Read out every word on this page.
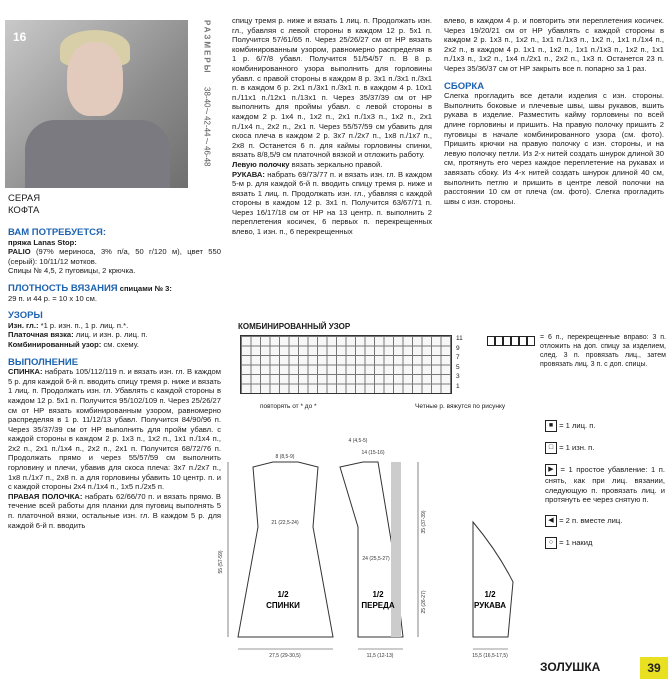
16	РАЗМЕРЫ
38-40
/
42-44
/
46-48
СЕРАЯ
КОФТА
ВАМ ПОТРЕБУЕТСЯ:

пряжа Lanas Stop:

PALIO (97% мериноса, 3% п/а, 50 г/120 м), цвет 550 (серый): 10/11/12 мотков.

Спицы № 4,5, 2 пуговицы, 2 крючка.

ПЛОТНОСТЬ ВЯЗАНИЯ спицами № 3:

29 п. и 44 р. = 10 x 10 см.

УЗОРЫ

Изн. гл.: *1 р. изн. п., 1 р. лиц. п.*.

Платочная вязка: лиц. и изн. р. лиц. п.

Комбинированный узор: см. схему.

ВЫПОЛНЕНИЕ

СПИНКА: набрать 105/112/119 п. и вязать изн. гл. В каждом 5 р. для каждой 6-й п. вводить спицу тремя р. ниже и вязать 1 лиц. п. Продолжать изн. гл. Убавлять с каждой стороны в каждом 12 р. 5x1 п. Получится 95/102/109 п. Через 25/26/27 см от НР вязать комбинированным узором, равномерно распределяя в 1 р. 11/12/13 убавл. Получится 84/90/96 п. Через 35/37/39 см от НР выполнить для пройм убавл. с каждой стороны в каждом 2 р. 1x3 п., 1x2 п., 1x1 п./1x4 п., 2x2 п., 2x1 п./1x4 п., 2x2 п., 2x1 п. Получится 68/72/76 п. Продолжать прямо и через 55/57/59 см выполнить горловину и плечи, убавив для скоса плеча: 3x7 п./2x7 п., 1x8 п./1x7 п., 2x8 п. а для горловины убавить 10 центр. п. и с каждой стороны 2x4 п./1x4 п., 1x5 п./2x5 п.

ПРАВАЯ ПОЛОЧКА: набрать 62/66/70 п. и вязать прямо. В течение всей работы для планки для пуговиц выполнять 5 п. платочной вязки, остальные изн. гл. В каждом 5 р. для каждой 6-й п. вводить

спицу тремя р. ниже и вязать 1 лиц. п. Продолжать изн. гл., убавляя с левой стороны в каждом 12 р. 5x1 п. Получится 57/61/65 п. Через 25/26/27 см от НР вязать комбинированным узором, равномерно распределяя в 1 р. 6/7/8 убавл. Получится 51/54/57 п. В 8 р. комбинированного узора выполнить для горловины убавл. с правой стороны в каждом 8 р. 3x1 п./3x1 п./3x1 п. в каждом 6 р. 2x1 п./3x1 п./3x1 п. в каждом 4 р. 10x1 п./11x1 п./12x1 п./13x1 п. Через 35/37/39 см от НР выполнить для проймы убавл. с левой стороны в каждом 2 р. 1x4 п., 1x2 п., 2x1 п./1x3 п., 1x2 п., 2x1 п./1x4 п., 2x2 п., 2x1 п. Через 55/57/59 см убавить для скоса плеча в каждом 2 р. 3x7 п./2x7 п., 1x8 п./1x7 п., 2x8 п. Останется 6 п. для каймы горловины спинки, вязать 8/8,5/9 см платочной вязкой и отложить работу.

Левую полочку вязать зеркально правой.

РУКАВА: набрать 69/73/77 п. и вязать изн. гл. В каждом 5-м р. для каждой 6-й п. вводить спицу тремя р. ниже и вязать 1 лиц. п. Продолжать изн. гл., убавляя с каждой стороны в каждом 12 р. 3x1 п. Получится 63/67/71 п. Через 16/17/18 см от НР на 13 центр. п. выполнить 2 переплетения косичек, 6 первых п. перекрещенных влево, 1 изн. п., 6 перекрещенных

влево, в каждом 4 р. и повторить эти переплетения косичек. Через 19/20/21 см от НР убавлять с каждой стороны в каждом 2 р. 1x3 п., 1x2 п., 1x1 п./1x3 п., 1x2 п., 1x1 п./1x4 п., 2x2 п., в каждом 4 р. 1x1 п., 1x2 п., 1x1 п./1x3 п., 1x2 п., 1x1 п./1x3 п., 1x2 п., 1x4 п./2x1 п., 2x2 п., 1x3 п. Останется 23 п. Через 35/36/37 см от НР закрыть все п. попарно за 1 раз.

СБОРКА

Слегка прогладить все детали изделия с изн. стороны. Выполнить боковые и плечевые швы, швы рукавов, вшить рукава в изделие. Разместить кайму горловины по всей длине горловины и пришить. На правую полочку пришить 2 пуговицы в начале комбинированного узора (см. фото). Пришить крючки на правую полочку с изн. стороны, и на левую полочку петли. Из 2-х нитей создать шнурок длиной 30 см, протянуть его через каждое переплетение на рукавах и завязать сбоку. Из 4-х нитей создать шнурок длиной 40 см, выполнить петлю и пришить в центре левой полочки на расстоянии 10 см от плеча (см. фото). Слегка прогладить швы с изн. стороны.

КОМБИНИРОВАННЫЙ УЗОР
11
9
7
5
3
1
повторять от * до *	Четные р. вяжутся по рисунку
= 6 п., перекрещенные вправо: 3 п. отложить на доп. спицу за изделием, след. 3 п. провязать лиц., затем провязать лиц. 3 п. с доп. спицы.
■ = 1 лиц. п.
□ = 1 изн. п.
▶ = 1 простое убавление: 1 п. снять, как при лиц. вязании, следующую п. провязать лиц. и протянуть ее через снятую п.
◀ = 2 п. вместе лиц.
○ = 1 накид
1/2
СПИНКИ
1/2
ПЕРЕДА
1/2
РУКАВА
8 (8,5-9)
21 (22,5-24)
27,5 (29-30,5)
4 (4,5-5)
14 (15-16)
24 (25,5-27)
11,5 (12-13)	15,5 (16,5-17,5)
55 (57-59)
35 (37-39)
25 (26-27)
ЗОЛУШКА	39
